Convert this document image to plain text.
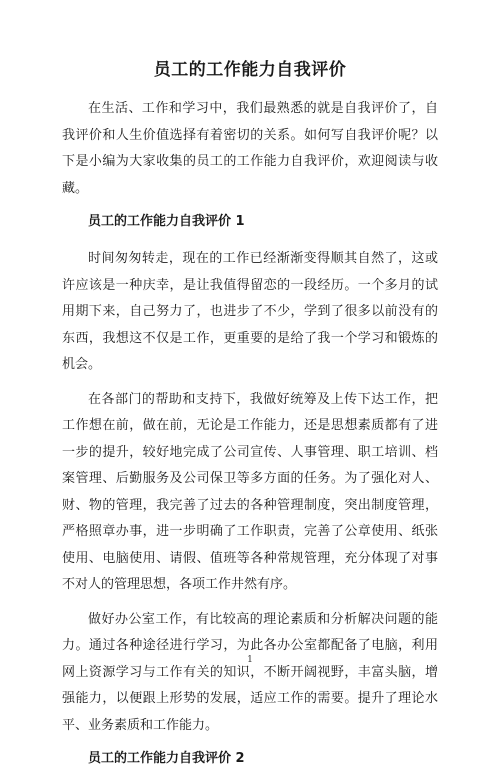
员工的工作能力自我评价

在生活、工作和学习中，我们最熟悉的就是自我评价了，自我评价和人生价值选择有着密切的关系。如何写自我评价呢？以下是小编为大家收集的员工的工作能力自我评价，欢迎阅读与收藏。

员工的工作能力自我评价 1

时间匆匆转走，现在的工作已经渐渐变得顺其自然了，这或许应该是一种庆幸，是让我值得留恋的一段经历。一个多月的试用期下来，自己努力了，也进步了不少，学到了很多以前没有的东西，我想这不仅是工作，更重要的是给了我一个学习和锻炼的机会。

在各部门的帮助和支持下，我做好统筹及上传下达工作，把工作想在前，做在前，无论是工作能力，还是思想素质都有了进一步的提升，较好地完成了公司宣传、人事管理、职工培训、档案管理、后勤服务及公司保卫等多方面的任务。为了强化对人、财、物的管理，我完善了过去的各种管理制度，突出制度管理，严格照章办事，进一步明确了工作职责，完善了公章使用、纸张使用、电脑使用、请假、值班等各种常规管理，充分体现了对事不对人的管理思想，各项工作井然有序。

做好办公室工作，有比较高的理论素质和分析解决问题的能力。通过各种途径进行学习，为此各办公室都配备了电脑，利用网上资源学习与工作有关的知识，不断开阔视野，丰富头脑，增强能力，以便跟上形势的发展，适应工作的需要。提升了理论水平、业务素质和工作能力。

员工的工作能力自我评价 2
1
